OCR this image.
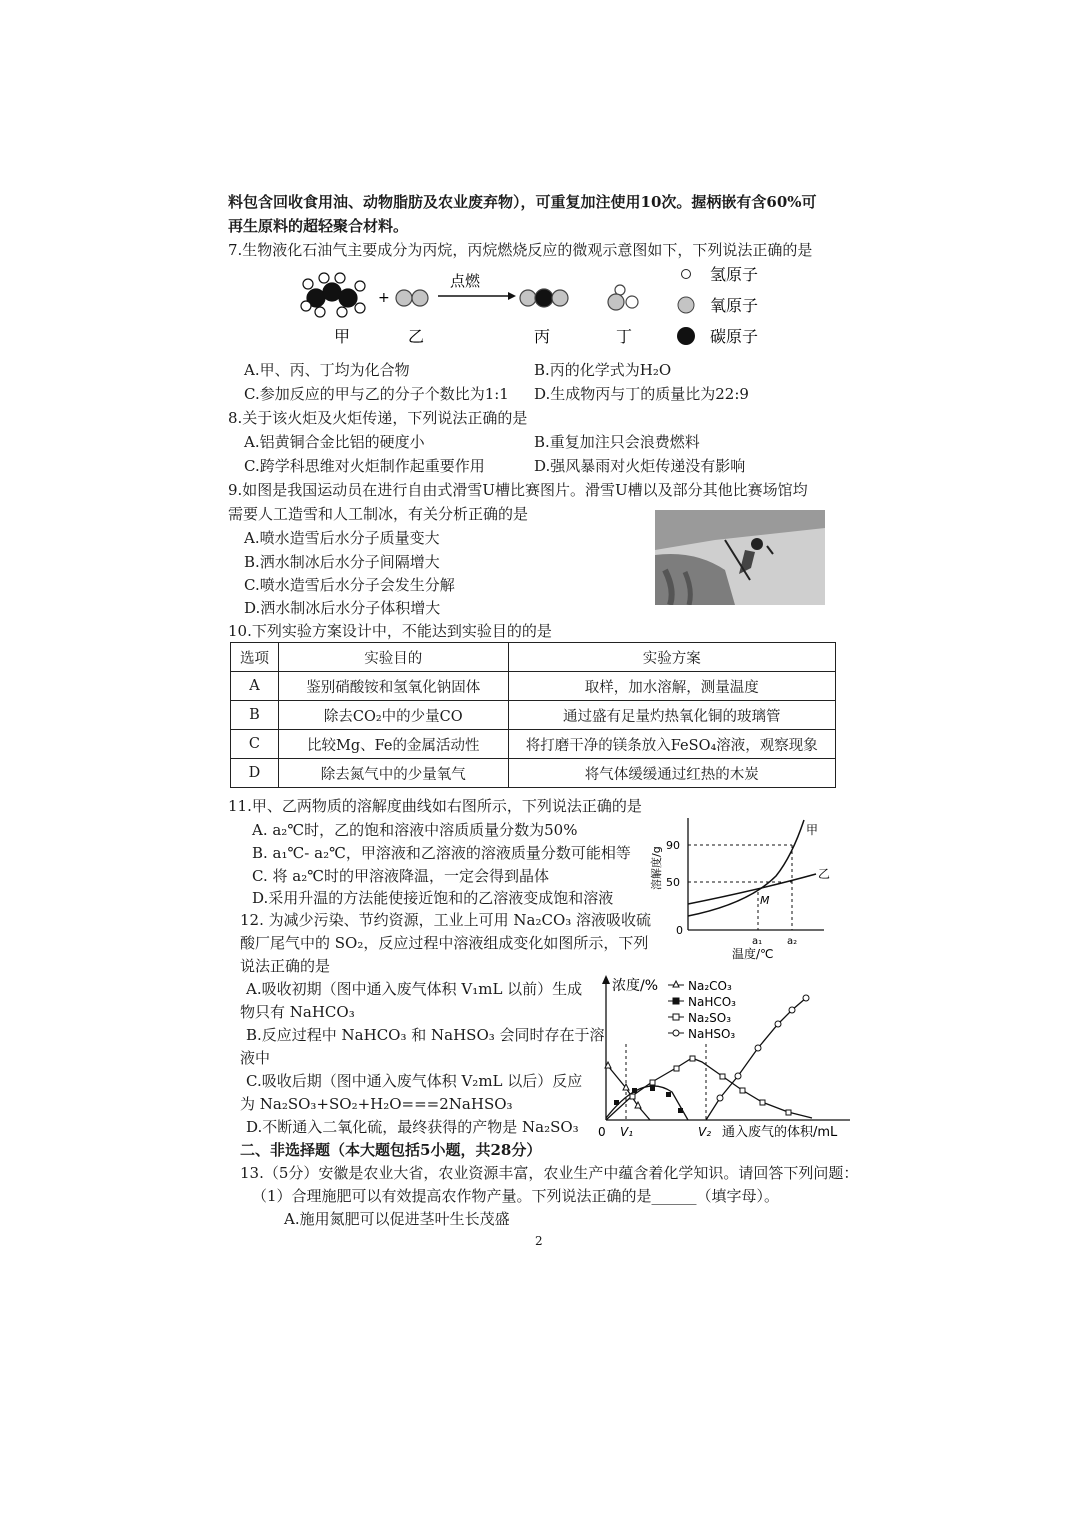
料包含回收食用油、动物脂肪及农业废弃物），可重复加注使用10次。握柄嵌有含60%可
再生原料的超轻聚合材料。
7.生物液化石油气主要成分为丙烷，丙烷燃烧反应的微观示意图如下，下列说法正确的是
+
点燃
甲	乙	丙	丁
氢原子
氧原子
碳原子
A.甲、丙、丁均为化合物	B.丙的化学式为H₂O
C.参加反应的甲与乙的分子个数比为1:1 D.生成物丙与丁的质量比为22:9
8.关于该火炬及火炬传递，下列说法正确的是
A.铝黄铜合金比铝的硬度小	B.重复加注只会浪费燃料
C.跨学科思维对火炬制作起重要作用	D.强风暴雨对火炬传递没有影响
9.如图是我国运动员在进行自由式滑雪U槽比赛图片。滑雪U槽以及部分其他比赛场馆均
需要人工造雪和人工制冰，有关分析正确的是
A.喷水造雪后水分子质量变大
B.洒水制冰后水分子间隔增大
C.喷水造雪后水分子会发生分解
D.洒水制冰后水分子体积增大
10.下列实验方案设计中，不能达到实验目的的是
选项	实验目的	实验方案
A	鉴别硝酸铵和氢氧化钠固体	取样，加水溶解，测量温度
B	除去CO₂中的少量CO	通过盛有足量灼热氧化铜的玻璃管
C	比较Mg、Fe的金属活动性	将打磨干净的镁条放入FeSO₄溶液，观察现象
D	除去氮气中的少量氧气	将气体缓缓通过红热的木炭
11.甲、乙两物质的溶解度曲线如右图所示，下列说法正确的是
A. a₂℃时，乙的饱和溶液中溶质质量分数为50%
B. a₁℃- a₂℃，甲溶液和乙溶液的溶液质量分数可能相等
C. 将 a₂℃时的甲溶液降温，一定会得到晶体
D.采用升温的方法能使接近饱和的乙溶液变成饱和溶液
90
50
0
a₁ a₂
甲
乙
M
溶解度/g
温度/℃
12. 为减少污染、节约资源，工业上可用 Na₂CO₃ 溶液吸收硫
酸厂尾气中的 SO₂，反应过程中溶液组成变化如图所示，下列
说法正确的是
A.吸收初期（图中通入废气体积 V₁mL 以前）生成
物只有 NaHCO₃
B.反应过程中 NaHCO₃ 和 NaHSO₃ 会同时存在于溶
液中
C.吸收后期（图中通入废气体积 V₂mL 以后）反应
为 Na₂SO₃+SO₂+H₂O===2NaHSO₃
D.不断通入二氧化硫，最终获得的产物是 Na₂SO₃
浓度/% Na₂CO₃
NaHCO₃
Na₂SO₃
NaHSO₃
0 V₁	V₂ 通入废气的体积/mL
二、非选择题（本大题包括5小题，共28分）
13.（5分）安徽是农业大省，农业资源丰富，农业生产中蕴含着化学知识。请回答下列问题：
（1）合理施肥可以有效提高农作物产量。下列说法正确的是______（填字母）。
A.施用氮肥可以促进茎叶生长茂盛
2
